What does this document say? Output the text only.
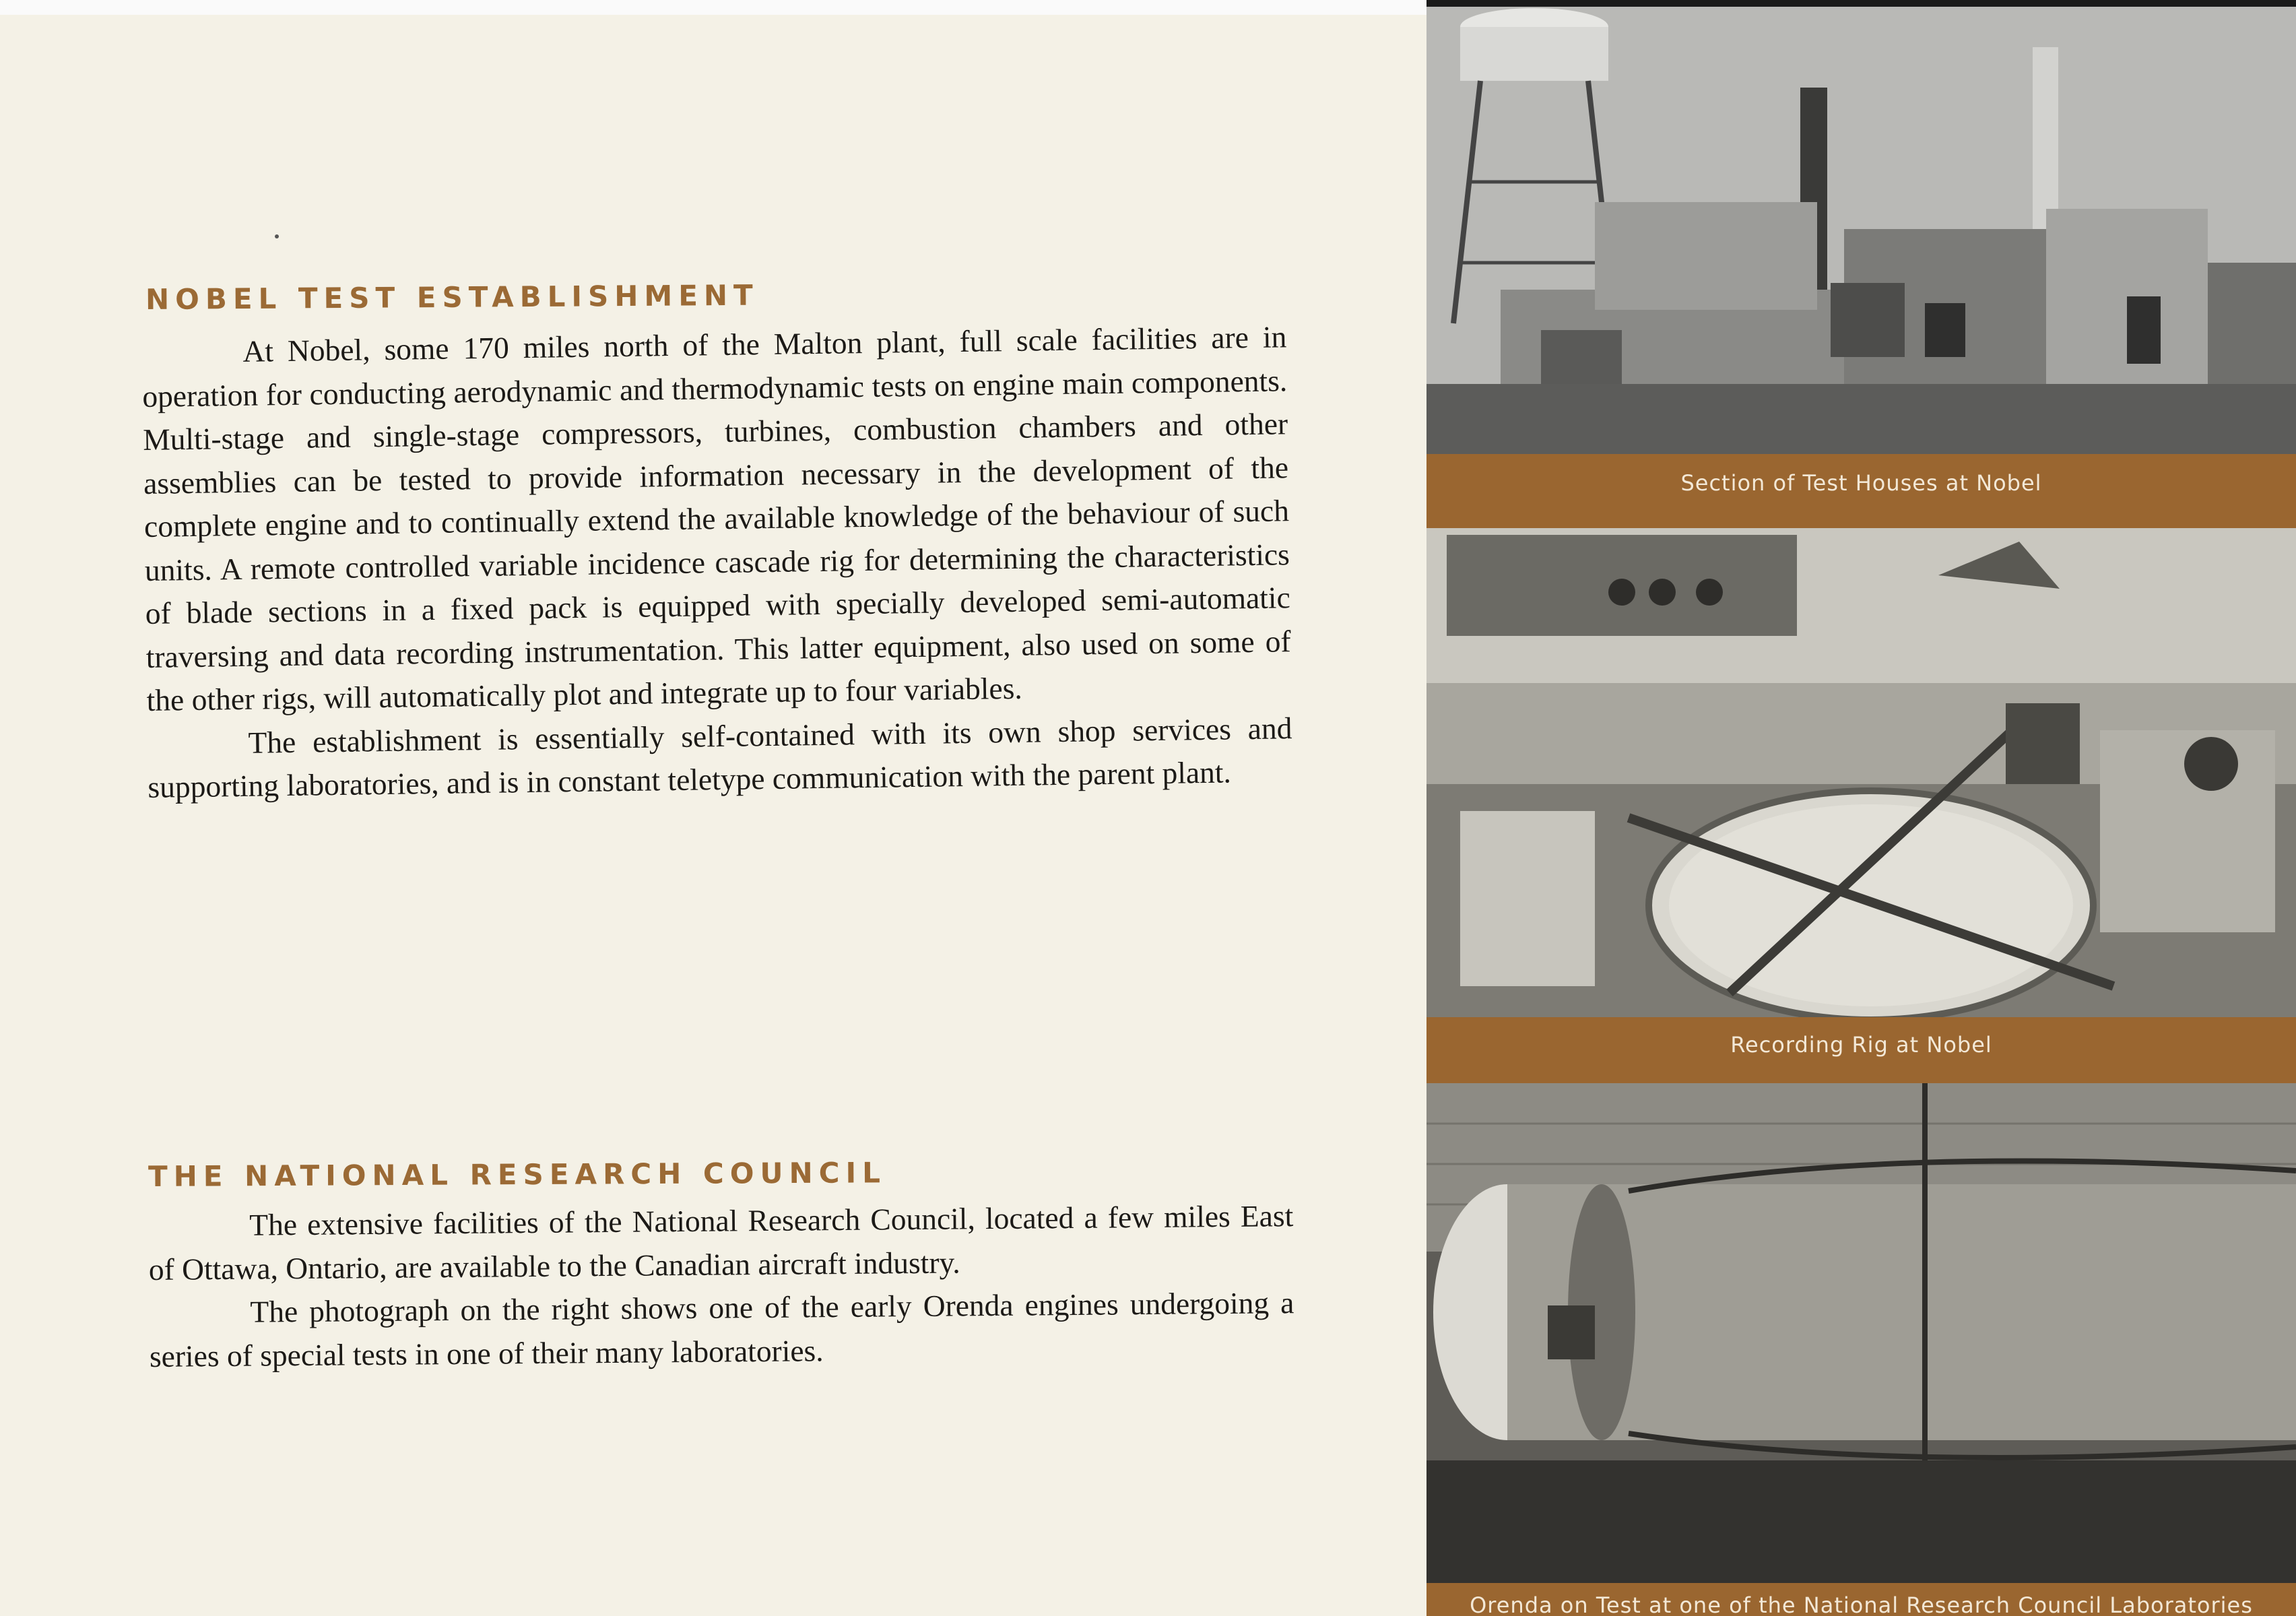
NOBEL TEST ESTABLISHMENT

At Nobel, some 170 miles north of the Malton plant, full scale facilities are in operation for conducting aerodynamic and thermodynamic tests on engine main components. Multi-stage and single-stage compressors, turbines, combustion chambers and other assemblies can be tested to provide information necessary in the development of the complete engine and to continually extend the available knowledge of the behaviour of such units. A remote controlled variable incidence cascade rig for determining the characteristics of blade sections in a fixed pack is equipped with specially developed semi-automatic traversing and data recording instrumentation. This latter equipment, also used on some of the other rigs, will automatically plot and integrate up to four variables.

The establishment is essentially self-contained with its own shop services and supporting laboratories, and is in constant teletype communication with the parent plant.

THE NATIONAL RESEARCH COUNCIL

The extensive facilities of the National Research Council, located a few miles East of Ottawa, Ontario, are available to the Canadian aircraft industry.

The photograph on the right shows one of the early Orenda engines undergoing a series of special tests in one of their many laboratories.

Section of Test Houses at Nobel
Recording Rig at Nobel
Orenda on Test at one of the National Research Council Laboratories
